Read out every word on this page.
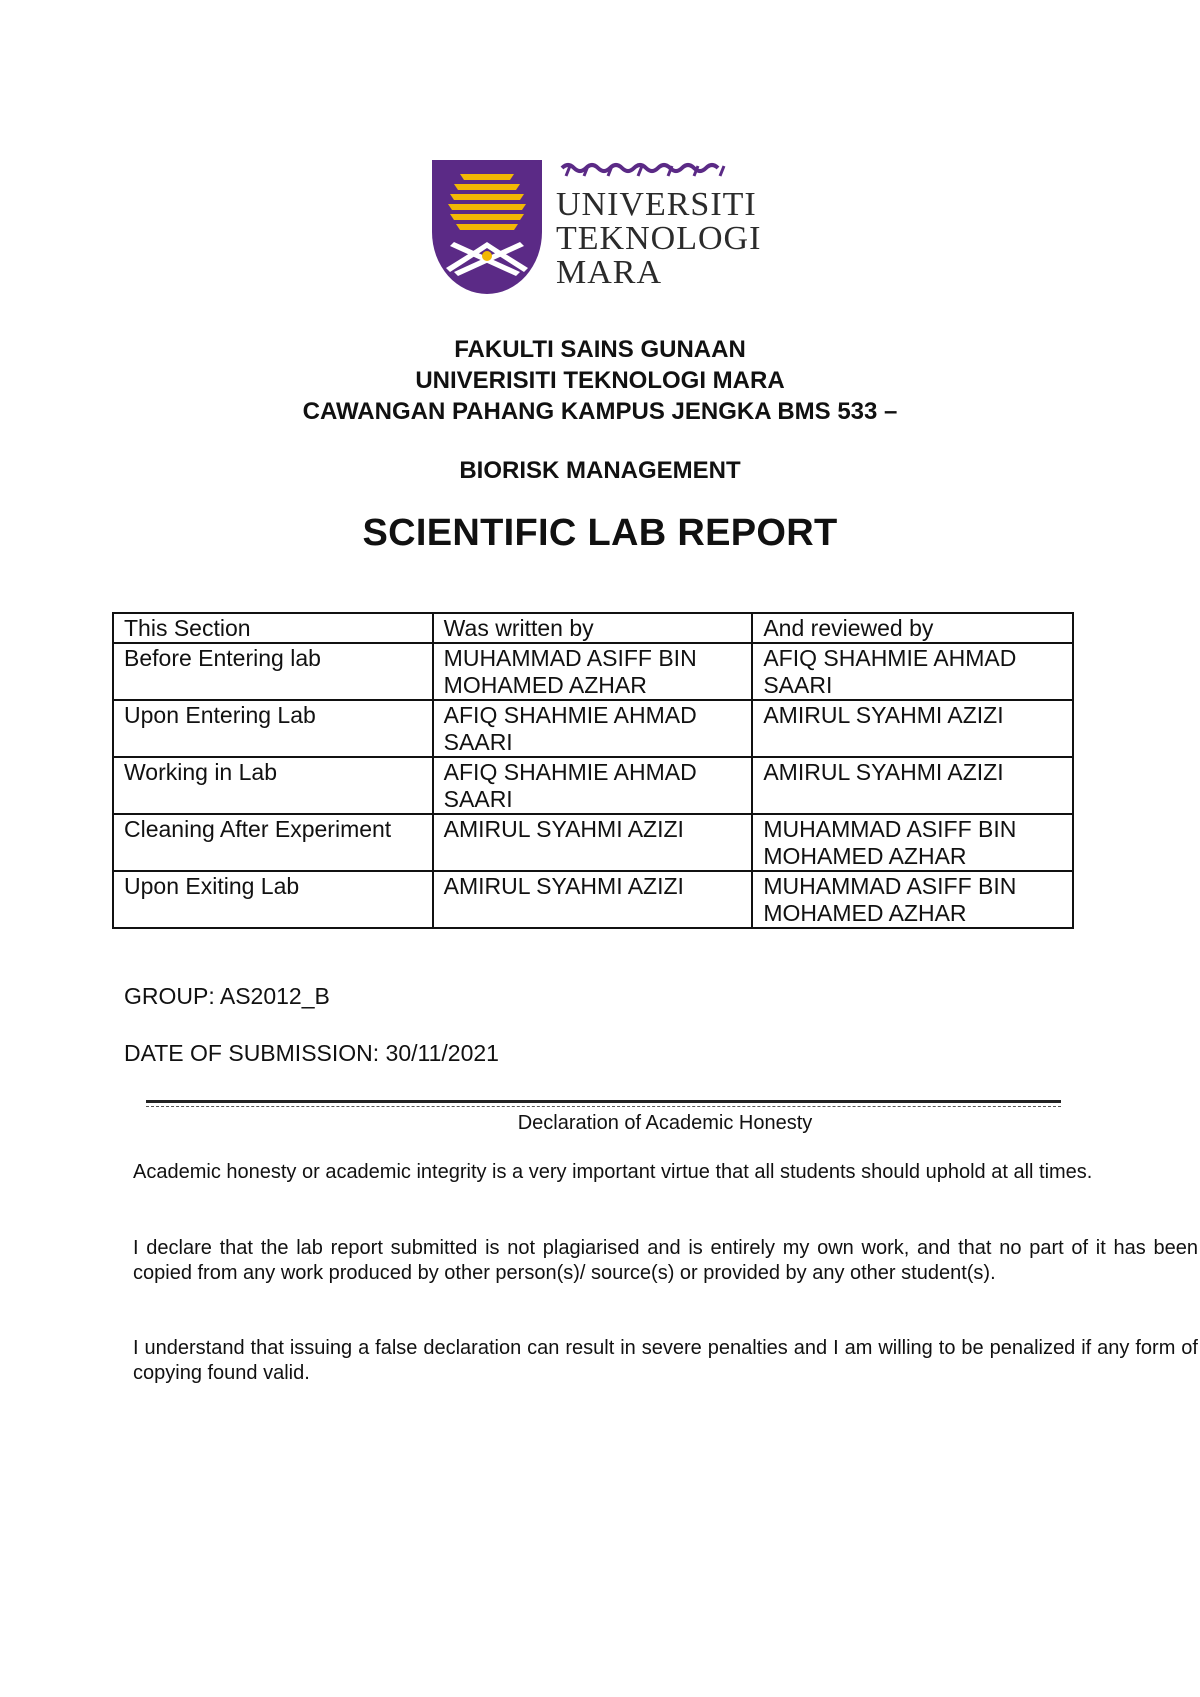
UNIVERSITI
TEKNOLOGI
MARA
FAKULTI SAINS GUNAAN
UNIVERISITI TEKNOLOGI MARA
CAWANGAN PAHANG KAMPUS JENGKA BMS 533 –
BIORISK MANAGEMENT
SCIENTIFIC LAB REPORT
This Section	Was written by	And reviewed by
Before Entering lab	MUHAMMAD ASIFF BIN MOHAMED AZHAR	AFIQ SHAHMIE AHMAD SAARI
Upon Entering Lab	AFIQ SHAHMIE AHMAD SAARI	AMIRUL SYAHMI AZIZI
Working in Lab	AFIQ SHAHMIE AHMAD SAARI	AMIRUL SYAHMI AZIZI
Cleaning After Experiment	AMIRUL SYAHMI AZIZI	MUHAMMAD ASIFF BIN MOHAMED AZHAR
Upon Exiting Lab	AMIRUL SYAHMI AZIZI	MUHAMMAD ASIFF BIN MOHAMED AZHAR
GROUP: AS2012_B
DATE OF SUBMISSION: 30/11/2021
Declaration of Academic Honesty
Academic honesty or academic integrity is a very important virtue that all students should uphold at all times.
I declare that the lab report submitted is not plagiarised and is entirely my own work, and that no part of it has been copied from any work produced by other person(s)/ source(s) or provided by any other student(s).
I understand that issuing a false declaration can result in severe penalties and I am willing to be penalized if any form of copying found valid.
